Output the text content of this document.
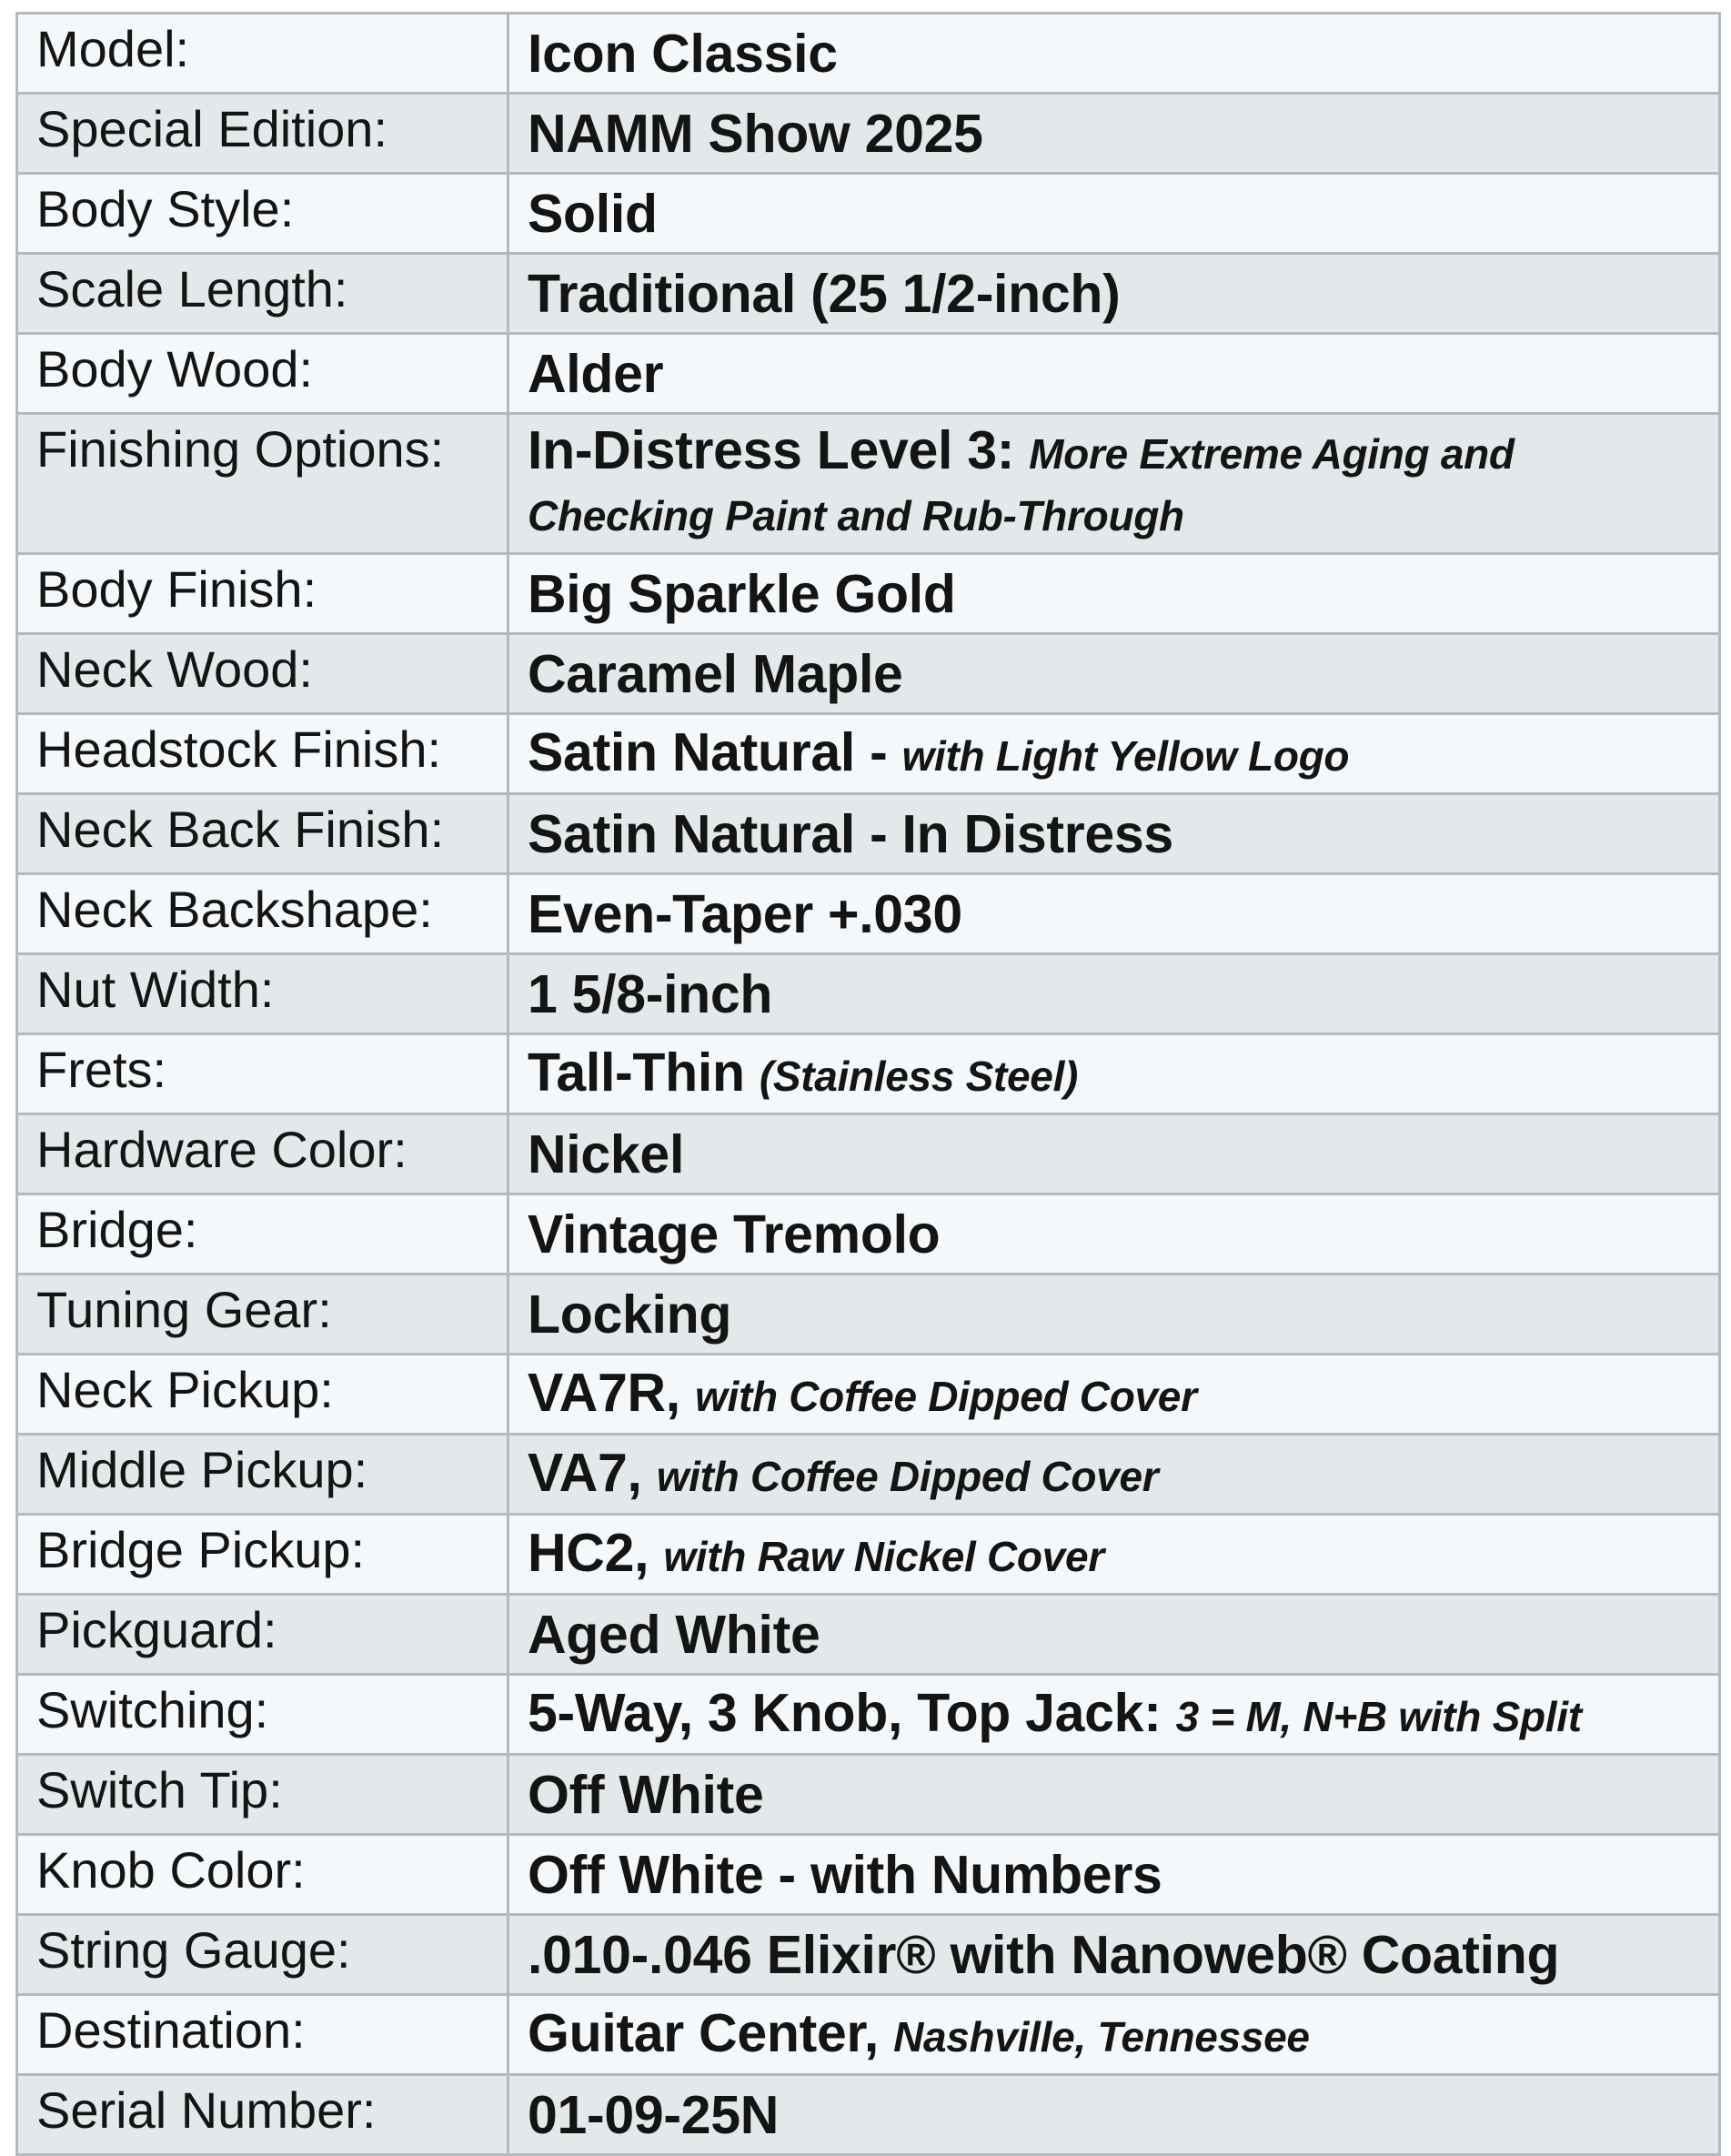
Model:	Icon Classic
Special Edition:	NAMM Show 2025
Body Style:	Solid
Scale Length:	Traditional (25 1/2-inch)
Body Wood:	Alder
Finishing Options:	In-Distress Level 3: More Extreme Aging and Checking Paint and Rub-Through
Body Finish:	Big Sparkle Gold
Neck Wood:	Caramel Maple
Headstock Finish:	Satin Natural - with Light Yellow Logo
Neck Back Finish:	Satin Natural - In Distress
Neck Backshape:	Even-Taper +.030
Nut Width:	1 5/8-inch
Frets:	Tall-Thin (Stainless Steel)
Hardware Color:	Nickel
Bridge:	Vintage Tremolo
Tuning Gear:	Locking
Neck Pickup:	VA7R, with Coffee Dipped Cover
Middle Pickup:	VA7, with Coffee Dipped Cover
Bridge Pickup:	HC2, with Raw Nickel Cover
Pickguard:	Aged White
Switching:	5-Way, 3 Knob, Top Jack: 3 = M, N+B with Split
Switch Tip:	Off White
Knob Color:	Off White - with Numbers
String Gauge:	.010-.046 Elixir® with Nanoweb® Coating
Destination:	Guitar Center, Nashville, Tennessee
Serial Number:	01-09-25N
